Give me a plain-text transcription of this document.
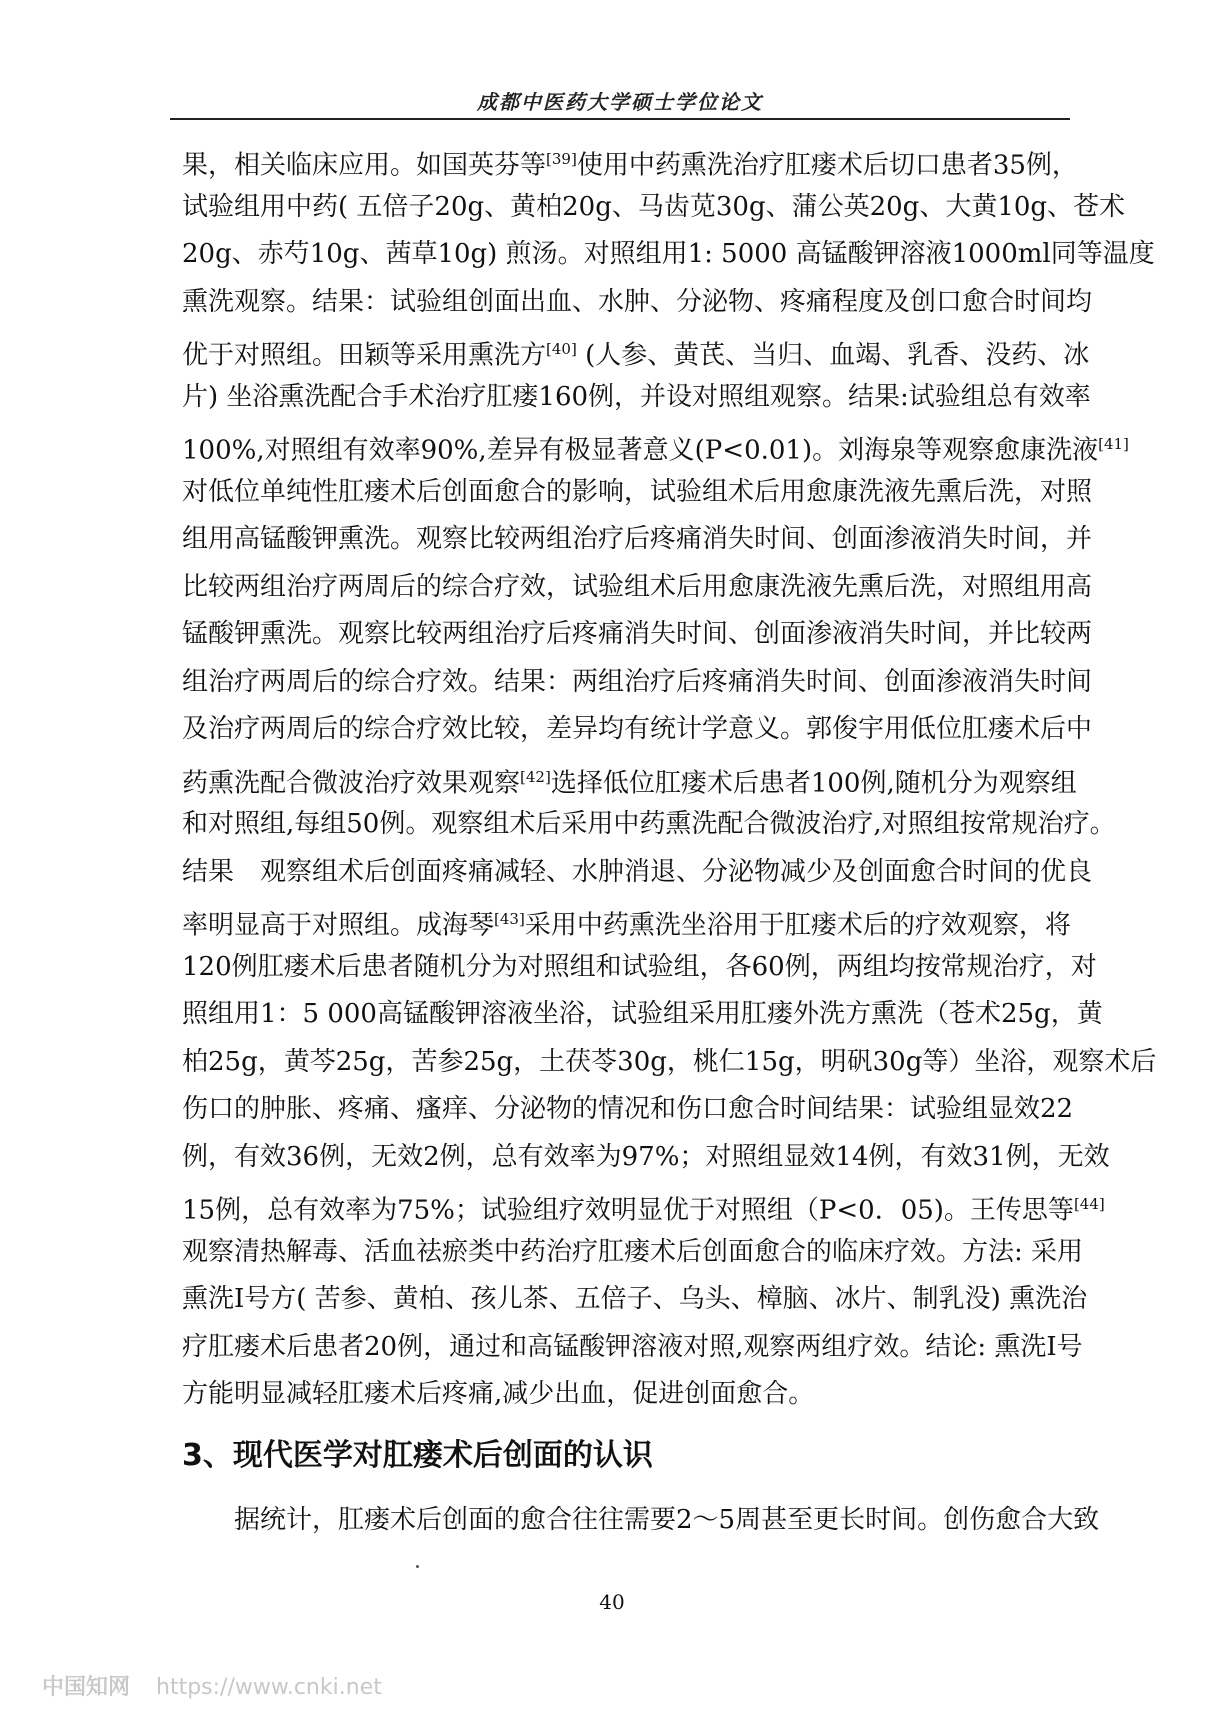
成都中医药大学硕士学位论文
果，相关临床应用。如国英芬等[39]使用中药熏洗治疗肛瘘术后切口患者35例，
试验组用中药( 五倍子20g、黄柏20g、马齿苋30g、蒲公英20g、大黄10g、苍术
20g、赤芍10g、茜草10g) 煎汤。对照组用1: 5000 高锰酸钾溶液1000ml同等温度
熏洗观察。结果：试验组创面出血、水肿、分泌物、疼痛程度及创口愈合时间均
优于对照组。田颖等采用熏洗方[40] (人参、黄芪、当归、血竭、乳香、没药、冰
片) 坐浴熏洗配合手术治疗肛瘘160例，并设对照组观察。结果:试验组总有效率
100%,对照组有效率90%,差异有极显著意义(P<0.01)。刘海泉等观察愈康洗液[41]
对低位单纯性肛瘘术后创面愈合的影响，试验组术后用愈康洗液先熏后洗，对照
组用高锰酸钾熏洗。观察比较两组治疗后疼痛消失时间、创面渗液消失时间，并
比较两组治疗两周后的综合疗效，试验组术后用愈康洗液先熏后洗，对照组用高
锰酸钾熏洗。观察比较两组治疗后疼痛消失时间、创面渗液消失时间，并比较两
组治疗两周后的综合疗效。结果：两组治疗后疼痛消失时间、创面渗液消失时间
及治疗两周后的综合疗效比较，差异均有统计学意义。郭俊宇用低位肛瘘术后中
药熏洗配合微波治疗效果观察[42]选择低位肛瘘术后患者100例,随机分为观察组
和对照组,每组50例。观察组术后采用中药熏洗配合微波治疗,对照组按常规治疗。
结果　观察组术后创面疼痛减轻、水肿消退、分泌物减少及创面愈合时间的优良
率明显高于对照组。成海琴[43]采用中药熏洗坐浴用于肛瘘术后的疗效观察，将
120例肛瘘术后患者随机分为对照组和试验组，各60例，两组均按常规治疗，对
照组用1：5 000高锰酸钾溶液坐浴，试验组采用肛瘘外洗方熏洗（苍术25g，黄
柏25g，黄芩25g，苦参25g，土茯苓30g，桃仁15g，明矾30g等）坐浴，观察术后
伤口的肿胀、疼痛、瘙痒、分泌物的情况和伤口愈合时间结果：试验组显效22
例，有效36例，无效2例，总有效率为97%；对照组显效14例，有效31例，无效
15例，总有效率为75%；试验组疗效明显优于对照组（P<0．05)。王传思等[44]
观察清热解毒、活血祛瘀类中药治疗肛瘘术后创面愈合的临床疗效。方法: 采用
熏洗I号方( 苦参、黄柏、孩儿茶、五倍子、乌头、樟脑、冰片、制乳没) 熏洗治
疗肛瘘术后患者20例，通过和高锰酸钾溶液对照,观察两组疗效。结论: 熏洗I号
方能明显减轻肛瘘术后疼痛,减少出血，促进创面愈合。
3、现代医学对肛瘘术后创面的认识
据统计，肛瘘术后创面的愈合往往需要2～5周甚至更长时间。创伤愈合大致
40
中国知网 https://www.cnki.net
